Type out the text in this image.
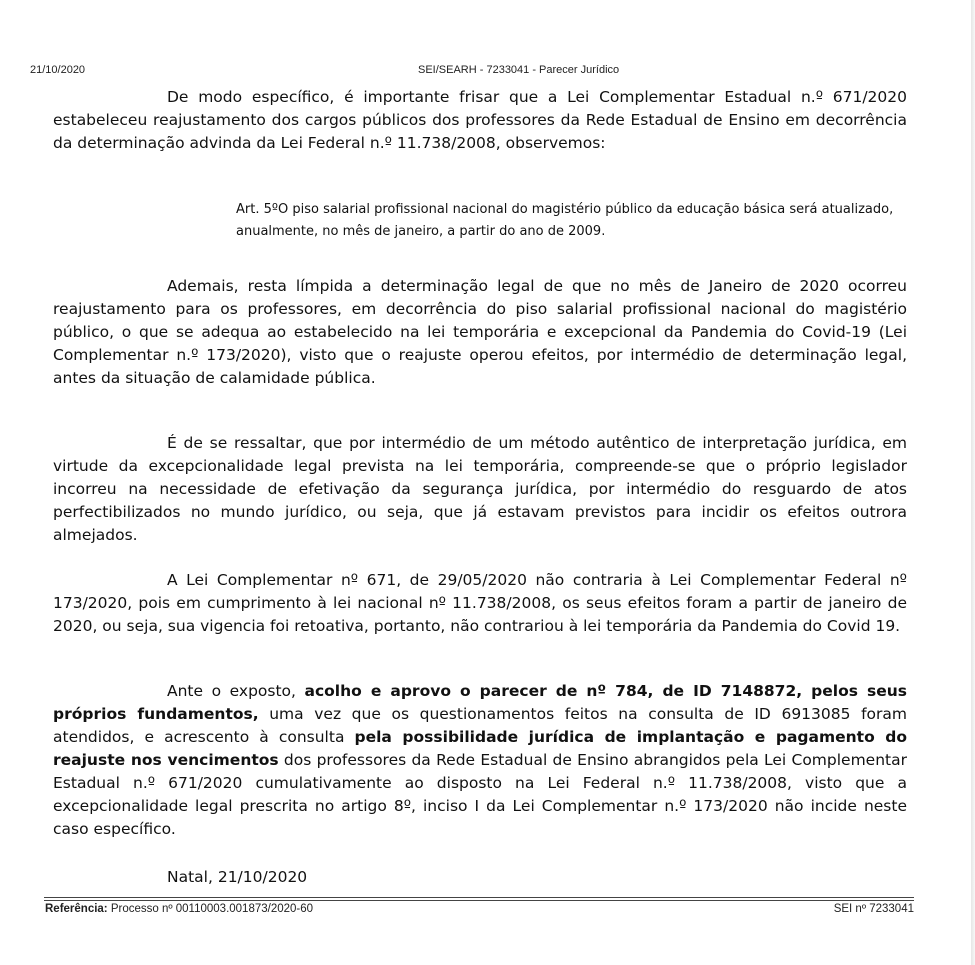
21/10/2020	SEI/SEARH - 7233041 - Parecer Jurídico

De modo específico, é importante frisar que a Lei Complementar Estadual n.º 671/2020 estabeleceu reajustamento dos cargos públicos dos professores da Rede Estadual de Ensino em decorrência da determinação advinda da Lei Federal n.º 11.738/2008, observemos:

Art. 5ºO piso salarial profissional nacional do magistério público da educação básica será atualizado, anualmente, no mês de janeiro, a partir do ano de 2009.

Ademais, resta límpida a determinação legal de que no mês de Janeiro de 2020 ocorreu reajustamento para os professores, em decorrência do piso salarial profissional nacional do magistério público, o que se adequa ao estabelecido na lei temporária e excepcional da Pandemia do Covid-19 (Lei Complementar n.º 173/2020), visto que o reajuste operou efeitos, por intermédio de determinação legal, antes da situação de calamidade pública.

É de se ressaltar, que por intermédio de um método autêntico de interpretação jurídica, em virtude da excepcionalidade legal prevista na lei temporária, compreende-se que o próprio legislador incorreu na necessidade de efetivação da segurança jurídica, por intermédio do resguardo de atos perfectibilizados no mundo jurídico, ou seja, que já estavam previstos para incidir os efeitos outrora almejados.

A Lei Complementar nº 671, de 29/05/2020 não contraria à Lei Complementar Federal nº 173/2020, pois em cumprimento à lei nacional nº 11.738/2008, os seus efeitos foram a partir de janeiro de 2020, ou seja, sua vigencia foi retoativa, portanto, não contrariou à lei temporária da Pandemia do Covid 19.

Ante o exposto, acolho e aprovo o parecer de nº 784, de ID 7148872, pelos seus próprios fundamentos, uma vez que os questionamentos feitos na consulta de ID 6913085 foram atendidos, e acrescento à consulta pela possibilidade jurídica de implantação e pagamento do reajuste nos vencimentos dos professores da Rede Estadual de Ensino abrangidos pela Lei Complementar Estadual n.º 671/2020 cumulativamente ao disposto na Lei Federal n.º 11.738/2008, visto que a excepcionalidade legal prescrita no artigo 8º, inciso I da Lei Complementar n.º 173/2020 não incide neste caso específico.

Natal, 21/10/2020

Referência: Processo nº 00110003.001873/2020-60	SEI nº 7233041
